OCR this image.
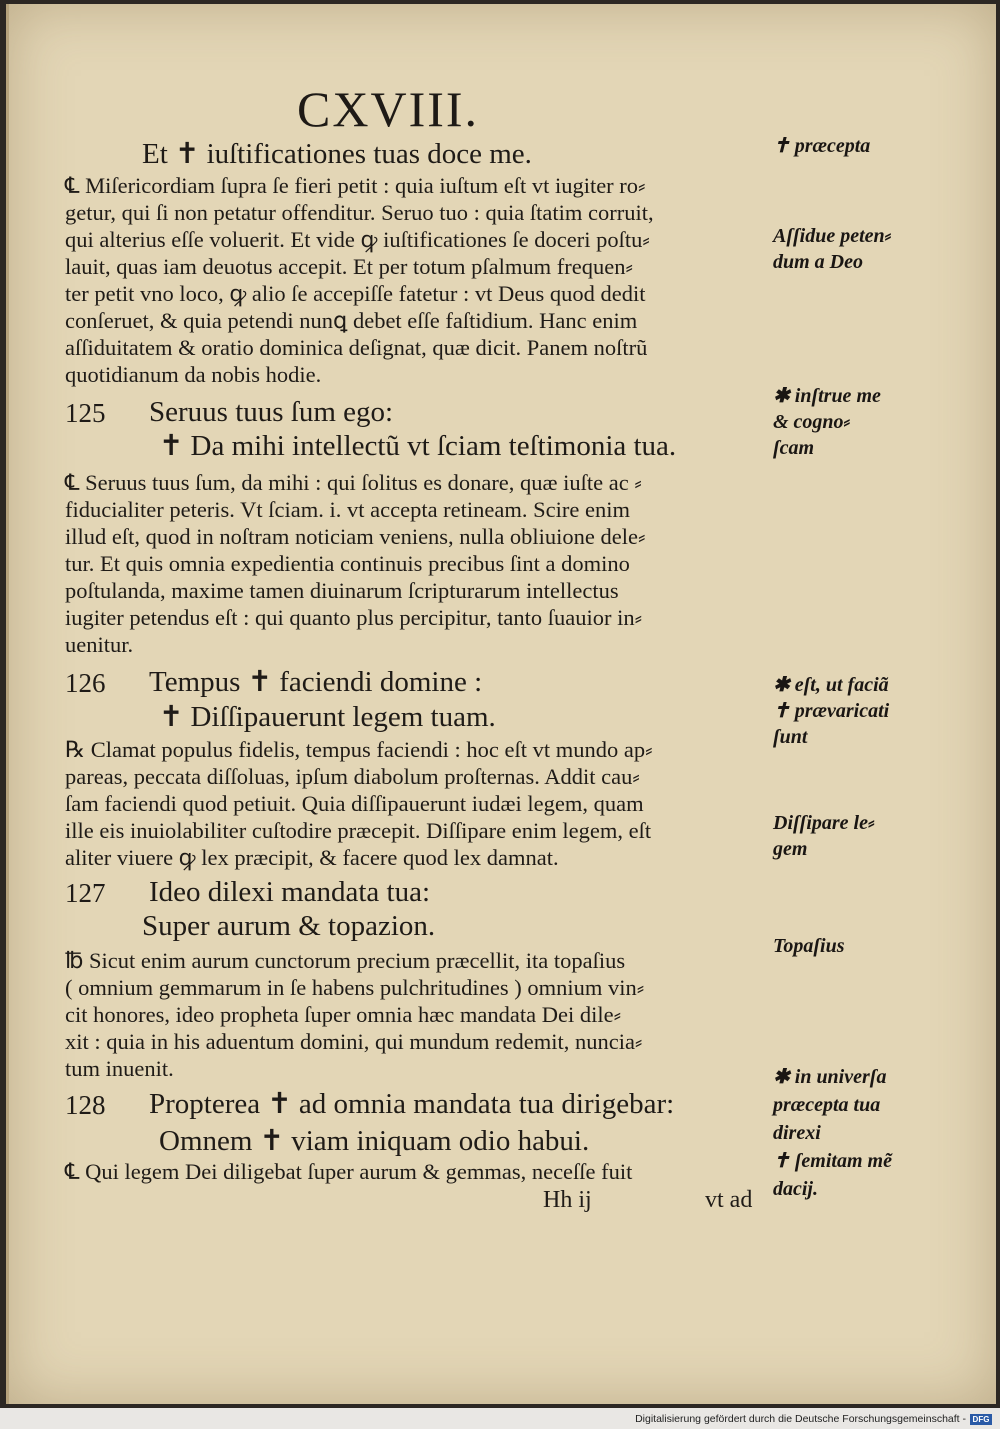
CXVIII.
Et ✝ iuſtificationes tuas doce me.
℄ Miſericordiam ſupra ſe fieri petit : quia iuſtum eſt vt iugiter ro⸗
getur, qui ſi non petatur offenditur. Seruo tuo : quia ſtatim corruit,
qui alterius eſſe voluerit. Et vide ꝙ iuſtificationes ſe doceri poſtu⸗
lauit, quas iam deuotus accepit. Et per totum pſalmum frequen⸗
ter petit vno loco, ꝙ alio ſe accepiſſe fatetur : vt Deus quod dedit
conſeruet, & quia petendi nunꝗ debet eſſe faſtidium. Hanc enim
aſſiduitatem & oratio dominica deſignat, quæ dicit. Panem noſtrũ
quotidianum da nobis hodie.
125 Seruus tuus ſum ego:
✝ Da mihi intellectũ vt ſciam teſtimonia tua.
℄ Seruus tuus ſum, da mihi : qui ſolitus es donare, quæ iuſte ac ⸗
fiducialiter peteris. Vt ſciam. i. vt accepta retineam. Scire enim
illud eſt, quod in noſtram noticiam veniens, nulla obliuione dele⸗
tur. Et quis omnia expedientia continuis precibus ſint a domino
poſtulanda, maxime tamen diuinarum ſcripturarum intellectus
iugiter petendus eſt : qui quanto plus percipitur, tanto ſuauior in⸗
uenitur.
126 Tempus ✝ faciendi domine :
✝ Diſſipauerunt legem tuam.
℞ Clamat populus fidelis, tempus faciendi : hoc eſt vt mundo ap⸗
pareas, peccata diſſoluas, ipſum diabolum proſternas. Addit cau⸗
ſam faciendi quod petiuit. Quia diſſipauerunt iudæi legem, quam
ille eis inuiolabiliter cuſtodire præcepit. Diſſipare enim legem, eſt
aliter viuere ꝙ lex præcipit, & facere quod lex damnat.
127 Ideo dilexi mandata tua:
Super aurum & topazion.
℔ Sicut enim aurum cunctorum precium præcellit, ita topaſius
( omnium gemmarum in ſe habens pulchritudines ) omnium vin⸗
cit honores, ideo propheta ſuper omnia hæc mandata Dei dile⸗
xit : quia in his aduentum domini, qui mundum redemit, nuncia⸗
tum inuenit.
128 Propterea ✝ ad omnia mandata tua dirigebar:
Omnem ✝ viam iniquam odio habui.
℄ Qui legem Dei diligebat ſuper aurum & gemmas, neceſſe fuit
Hh ij	vt ad
✝ præcepta
Aſſidue peten⸗
dum a Deo
✱ inſtrue me
& cogno⸗
ſcam
✱ eſt, ut faciã
✝ prævaricati
ſunt
Diſſipare le⸗
gem
Topaſius
✱ in univerſa
præcepta tua
direxi
✝ ſemitam mẽ
dacij.
Digitalisierung gefördert durch die Deutsche Forschungsgemeinschaft - DFG
